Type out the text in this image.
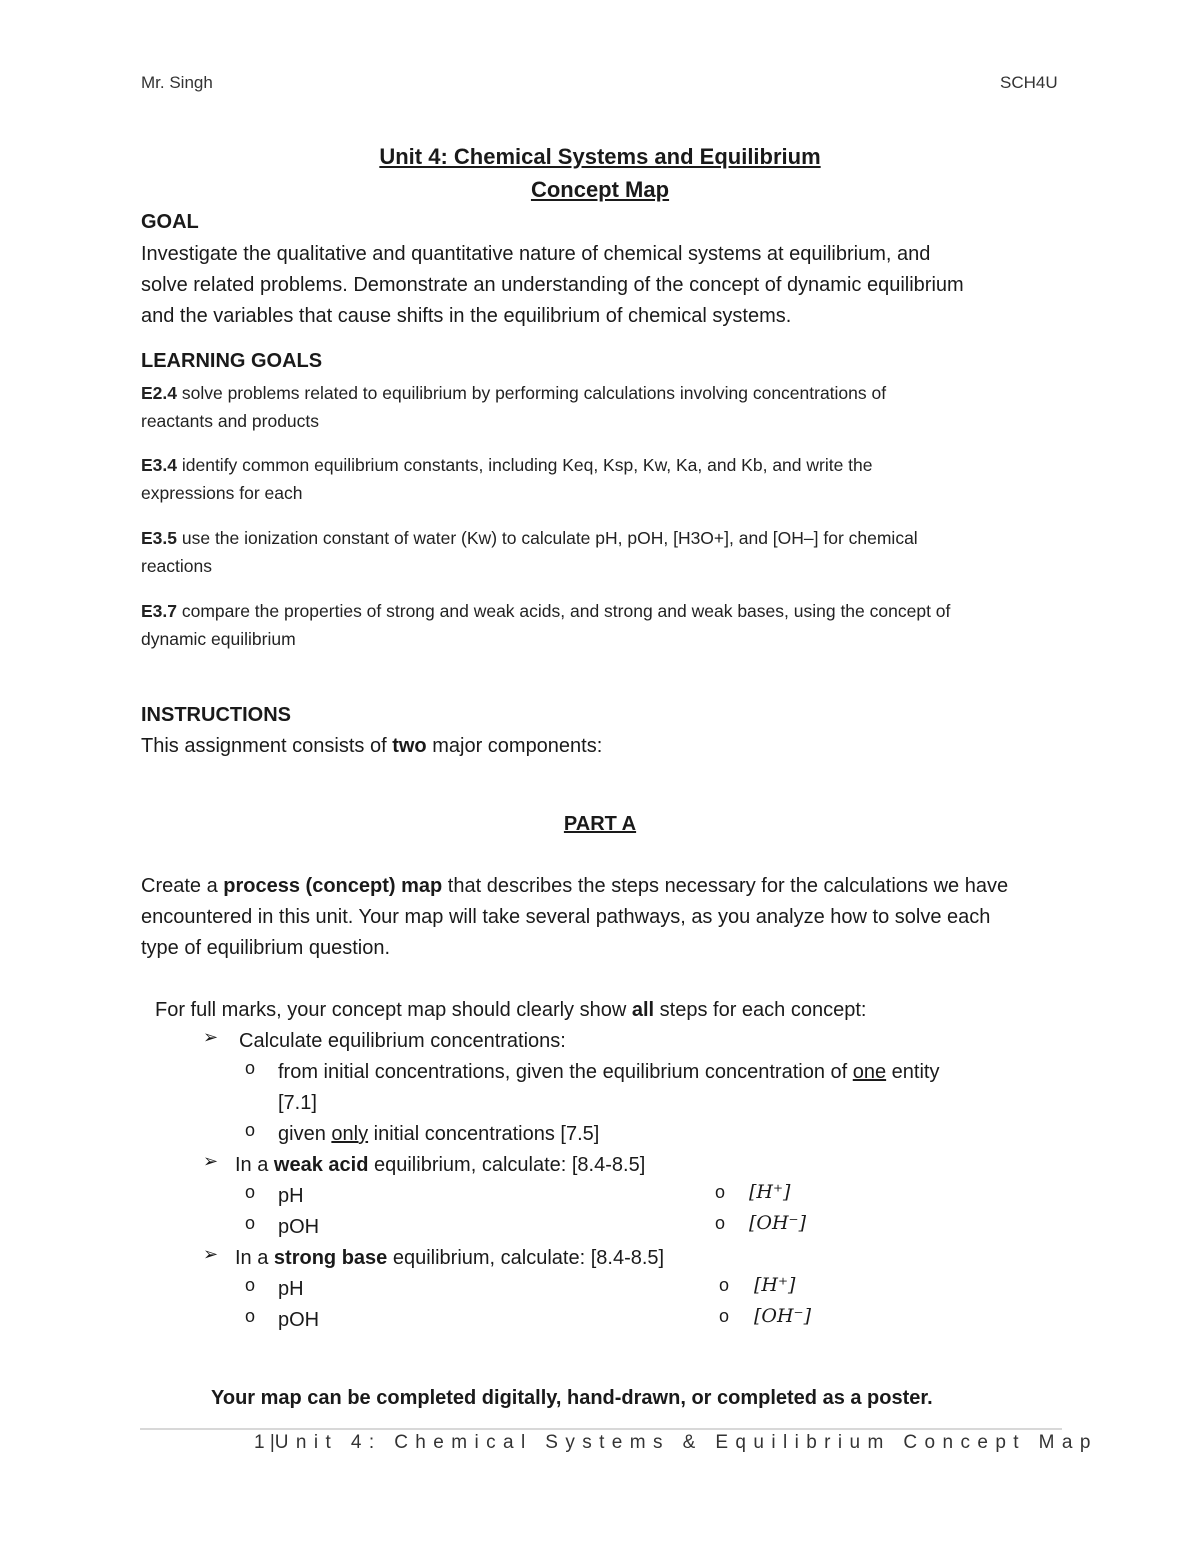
Mr. Singh	SCH4U
Unit 4: Chemical Systems and Equilibrium
Concept Map
GOAL
Investigate the qualitative and quantitative nature of chemical systems at equilibrium, and
solve related problems. Demonstrate an understanding of the concept of dynamic equilibrium
and the variables that cause shifts in the equilibrium of chemical systems.
LEARNING GOALS
E2.4 solve problems related to equilibrium by performing calculations involving concentrations of
reactants and products
E3.4 identify common equilibrium constants, including Keq, Ksp, Kw, Ka, and Kb, and write the
expressions for each
E3.5 use the ionization constant of water (Kw) to calculate pH, pOH, [H3O+], and [OH–] for chemical
reactions
E3.7 compare the properties of strong and weak acids, and strong and weak bases, using the concept of
dynamic equilibrium
INSTRUCTIONS
This assignment consists of two major components:
PART A
Create a process (concept) map that describes the steps necessary for the calculations we have
encountered in this unit. Your map will take several pathways, as you analyze how to solve each
type of equilibrium question.
For full marks, your concept map should clearly show all steps for each concept:
➢ Calculate equilibrium concentrations:
o from initial concentrations, given the equilibrium concentration of one entity
[7.1]
o given only initial concentrations [7.5]
➢ In a weak acid equilibrium, calculate: [8.4-8.5]
o pH	o [H⁺]
o pOH	o [OH⁻]
➢ In a strong base equilibrium, calculate: [8.4-8.5]
o pH	o [H⁺]
o pOH	o [OH⁻]
Your map can be completed digitally, hand-drawn, or completed as a poster.
1 |Unit 4: Chemical Systems & Equilibrium Concept Map
